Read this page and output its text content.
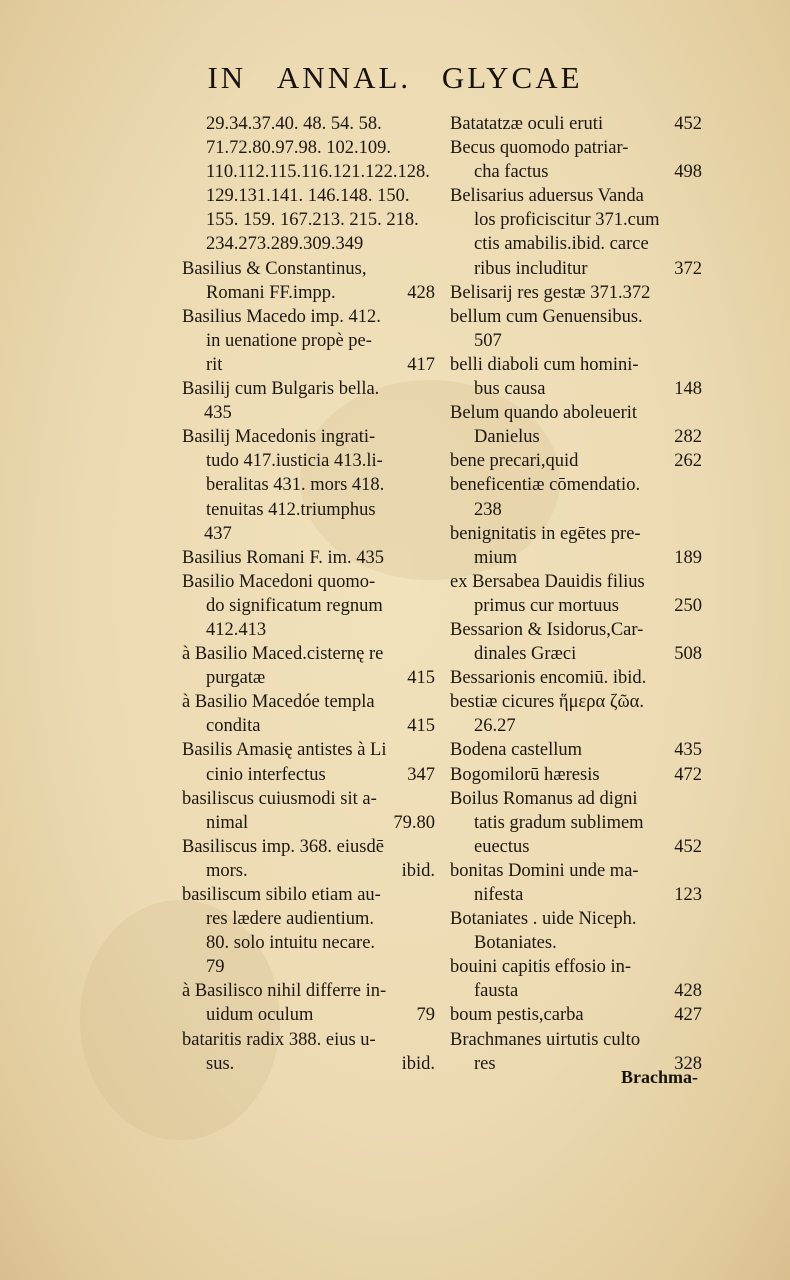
IN ANNAL. GLYCAE
29.34.37.40. 48. 54. 58.
71.72.80.97.98. 102.109.
110.112.115.116.121.122.128.
129.131.141. 146.148. 150.
155. 159. 167.213. 215. 218.
234.273.289.309.349
Basilius & Constantinus,
Romani FF.impp.	428
Basilius Macedo imp. 412.
in uenatione propè pe-
rit	417
Basilij cum Bulgaris bella.
435
Basilij Macedonis ingrati-
tudo 417.iusticia 413.li-
beralitas 431. mors 418.
tenuitas 412.triumphus
437
Basilius Romani F. im. 435
Basilio Macedoni quomo-
do significatum regnum
412.413
à Basilio Maced.cisternę re
purgatæ	415
à Basilio Macedóe templa
condita	415
Basilis Amasię antistes à Li
cinio interfectus	347
basiliscus cuiusmodi sit a-
nimal	79.80
Basiliscus imp. 368. eiusdē
mors.	ibid.
basiliscum sibilo etiam au-
res lædere audientium.
80. solo intuitu necare.
79
à Basilisco nihil differre in-
uidum oculum	79
bataritis radix 388. eius u-
sus.	ibid.
Batatatzæ oculi eruti	452
Becus quomodo patriar-
cha factus	498
Belisarius aduersus Vanda
los proficiscitur 371.cum
ctis amabilis.ibid. carce
ribus includitur	372
Belisarij res gestæ 371.372
bellum cum Genuensibus.
507
belli diaboli cum homini-
bus causa	148
Belum quando aboleuerit
Danielus	282
bene precari,quid	262
beneficentiæ cōmendatio.
238
benignitatis in egētes pre-
mium	189
ex Bersabea Dauidis filius
primus cur mortuus	250
Bessarion & Isidorus,Car-
dinales Græci	508
Bessarionis encomiū. ibid.
bestiæ cicures ἥμερα ζῶα.
26.27
Bodena castellum	435
Bogomilorū hæresis	472
Boilus Romanus ad digni
tatis gradum sublimem
euectus	452
bonitas Domini unde ma-
nifesta	123
Botaniates . uide Niceph.
Botaniates.
bouini capitis effosio in-
fausta	428
boum pestis,carba	427
Brachmanes uirtutis culto
res	328
Brachma-
